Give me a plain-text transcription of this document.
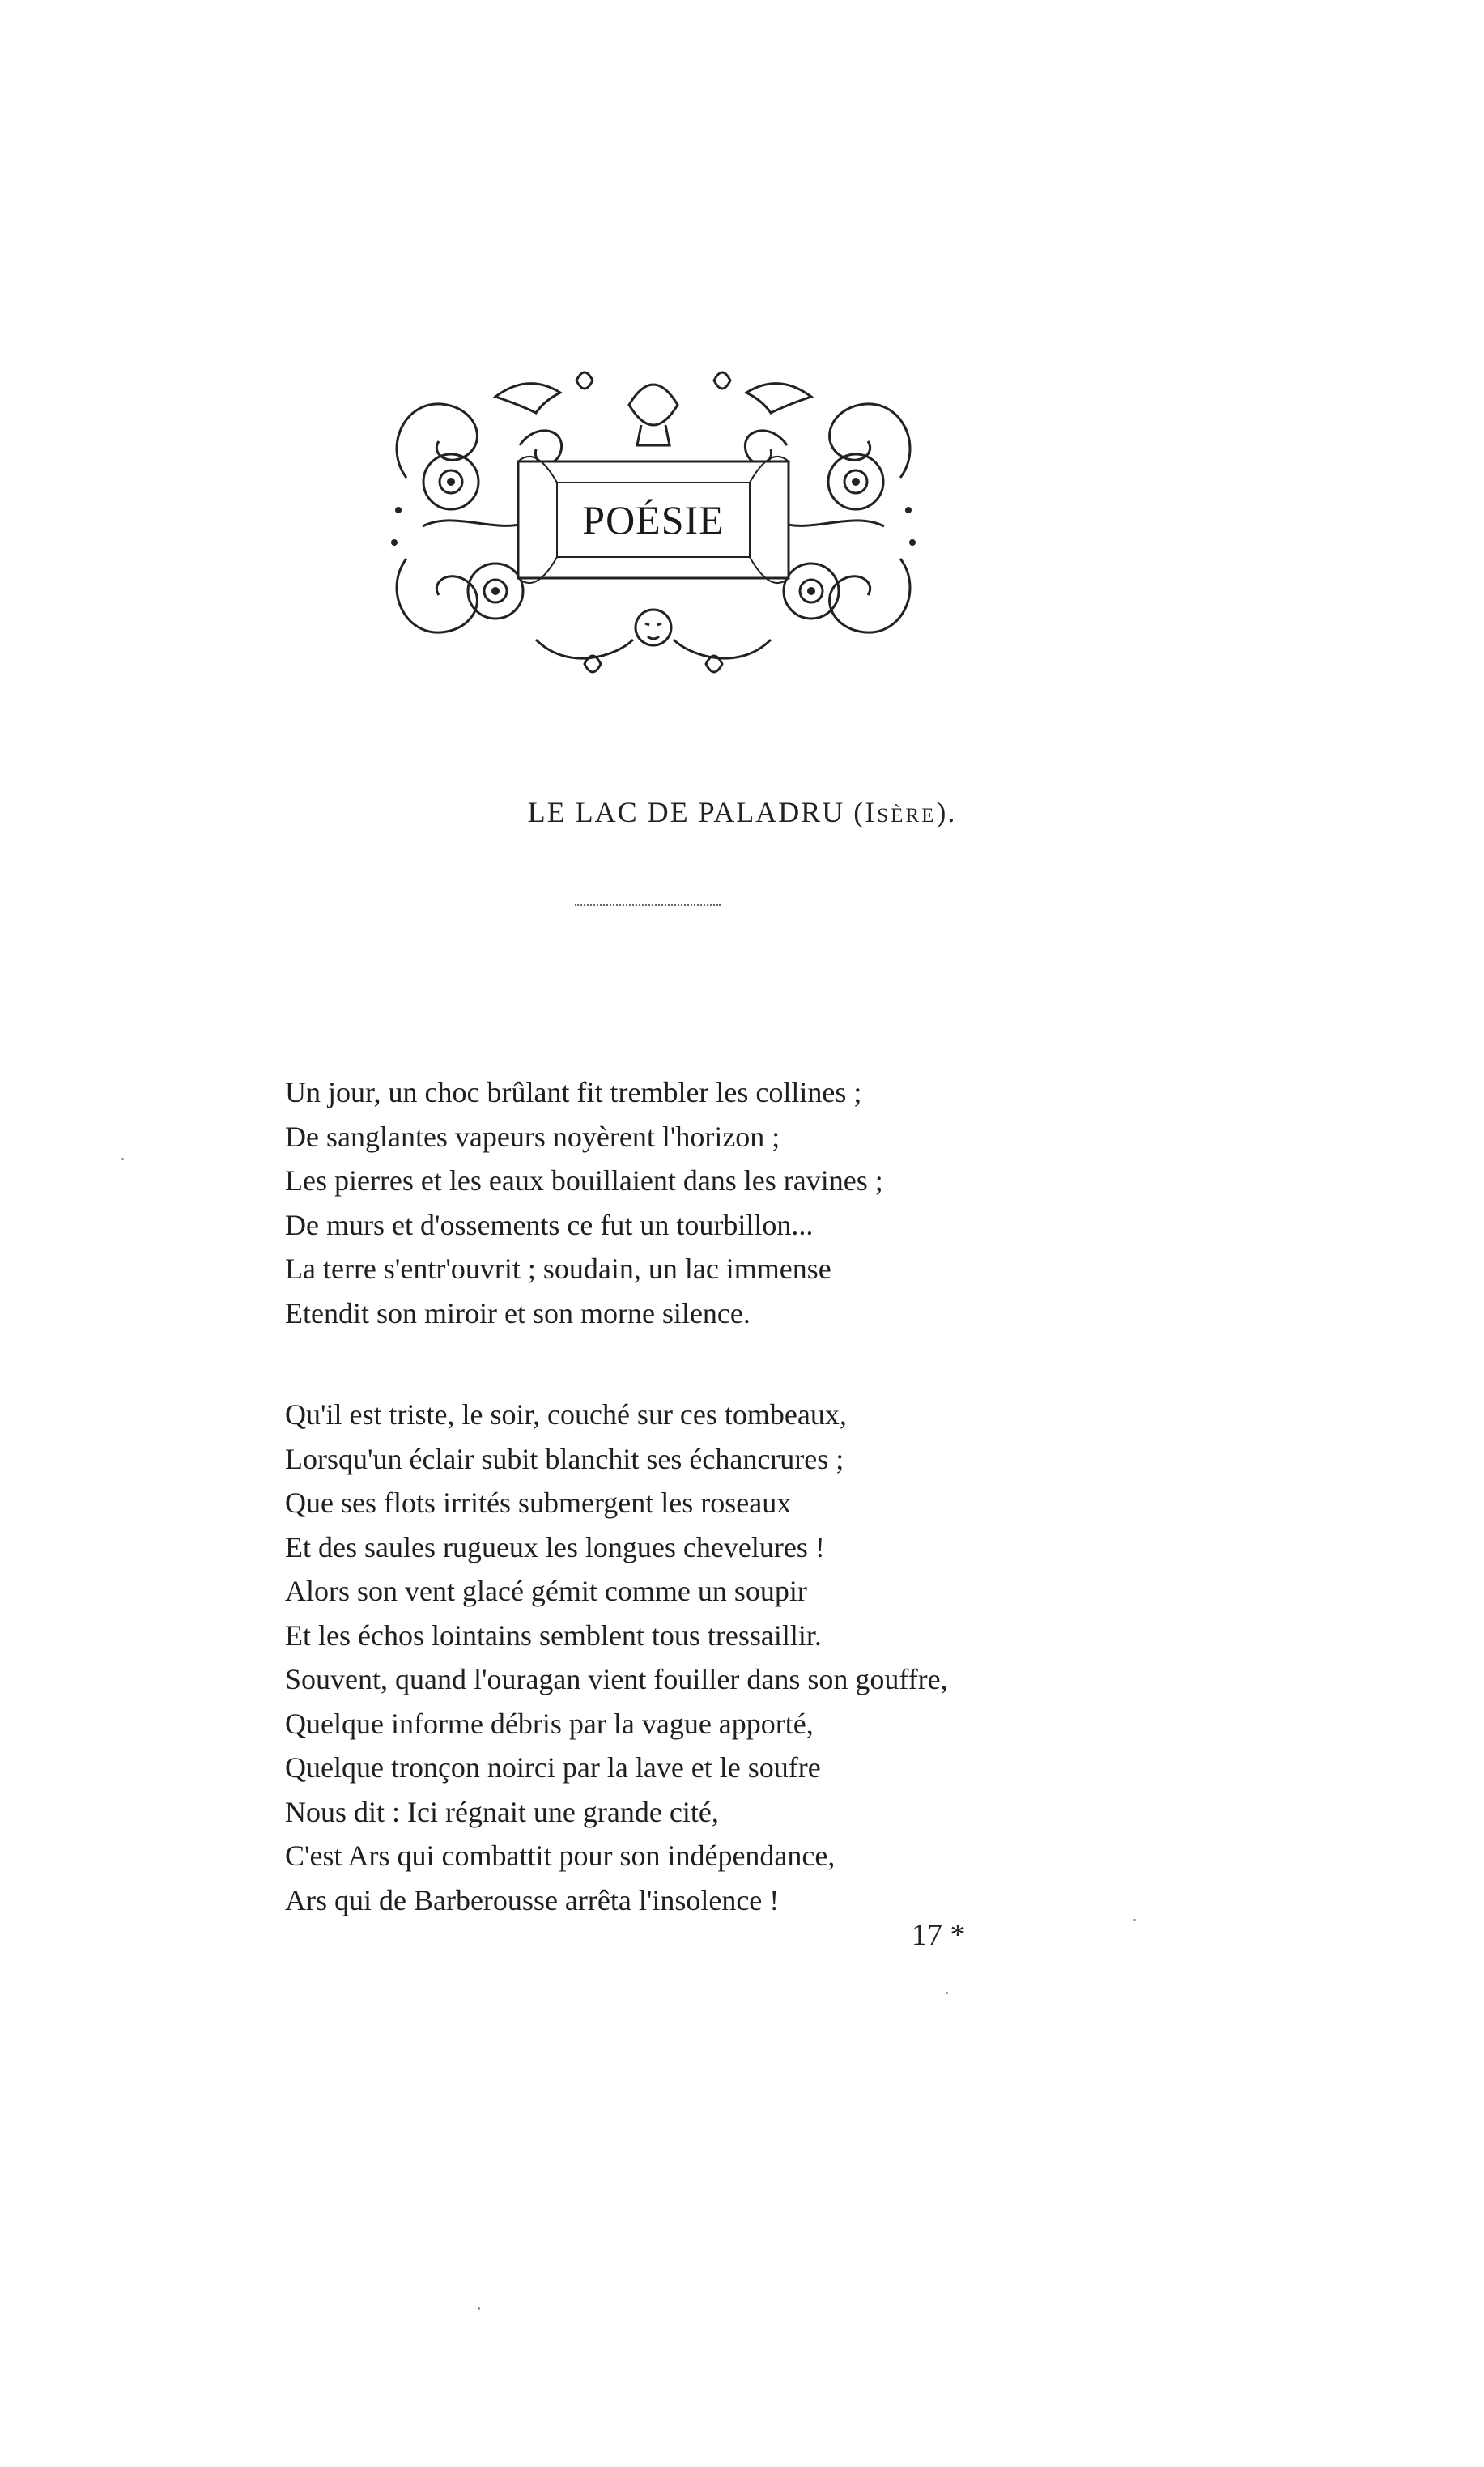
POÉSIE
LE LAC DE PALADRU (Isère).
Un jour, un choc brûlant fit trembler les collines ;
De sanglantes vapeurs noyèrent l'horizon ;
Les pierres et les eaux bouillaient dans les ravines ;
De murs et d'ossements ce fut un tourbillon...
La terre s'entr'ouvrit ; soudain, un lac immense
Etendit son miroir et son morne silence.
Qu'il est triste, le soir, couché sur ces tombeaux,
Lorsqu'un éclair subit blanchit ses échancrures ;
Que ses flots irrités submergent les roseaux
Et des saules rugueux les longues chevelures !
Alors son vent glacé gémit comme un soupir
Et les échos lointains semblent tous tressaillir.
Souvent, quand l'ouragan vient fouiller dans son gouffre,
Quelque informe débris par la vague apporté,
Quelque tronçon noirci par la lave et le soufre
Nous dit : Ici régnait une grande cité,
C'est Ars qui combattit pour son indépendance,
Ars qui de Barberousse arrêta l'insolence !
17 *
